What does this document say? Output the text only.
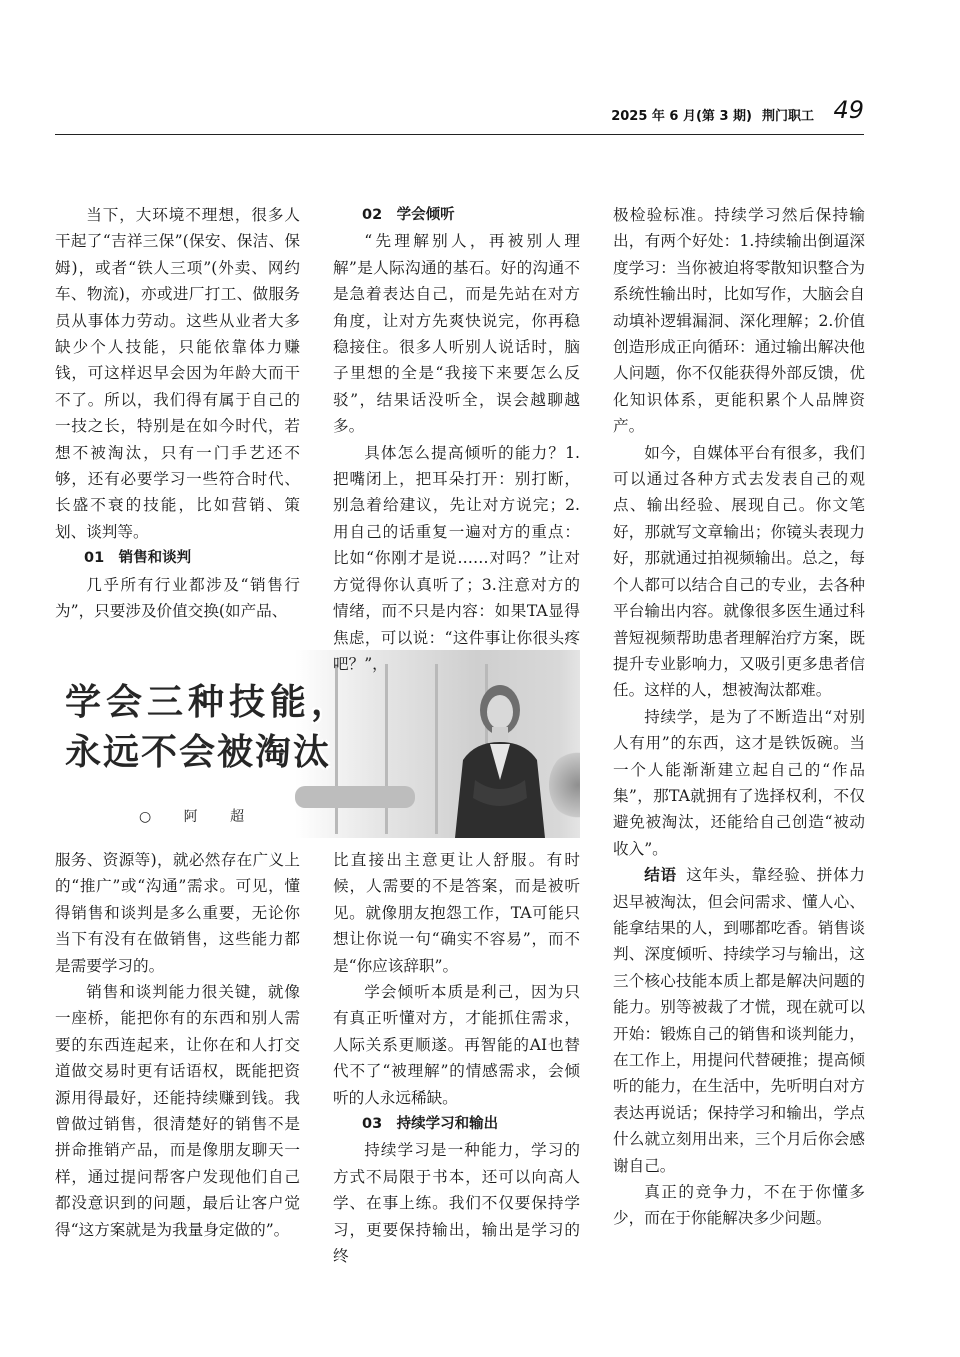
2025 年 6 月(第 3 期) 荆门职工 49

当下，大环境不理想，很多人干起了“吉祥三保”(保安、保洁、保姆)，或者“铁人三项”(外卖、网约车、物流)，亦或进厂打工、做服务员从事体力劳动。这些从业者大多缺少个人技能，只能依靠体力赚钱，可这样迟早会因为年龄大而干不了。所以，我们得有属于自己的一技之长，特别是在如今时代，若想不被淘汰，只有一门手艺还不够，还有必要学习一些符合时代、长盛不衰的技能，比如营销、策划、谈判等。

01　销售和谈判

几乎所有行业都涉及“销售行为”，只要涉及价值交换(如产品、

学会三种技能，
永远不会被淘汰
○ 阿 超

服务、资源等)，就必然存在广义上的“推广”或“沟通”需求。可见，懂得销售和谈判是多么重要，无论你当下有没有在做销售，这些能力都是需要学习的。

销售和谈判能力很关键，就像一座桥，能把你有的东西和别人需要的东西连起来，让你在和人打交道做交易时更有话语权，既能把资源用得最好，还能持续赚到钱。我曾做过销售，很清楚好的销售不是拼命推销产品，而是像朋友聊天一样，通过提问帮客户发现他们自己都没意识到的问题，最后让客户觉得“这方案就是为我量身定做的”。

02　学会倾听

“先理解别人，再被别人理解”是人际沟通的基石。好的沟通不是急着表达自己，而是先站在对方角度，让对方先爽快说完，你再稳稳接住。很多人听别人说话时，脑子里想的全是“我接下来要怎么反驳”，结果话没听全，误会越聊越多。

具体怎么提高倾听的能力？1.把嘴闭上，把耳朵打开：别打断，别急着给建议，先让对方说完；2.用自己的话重复一遍对方的重点：比如“你刚才是说……对吗？”让对方觉得你认真听了；3.注意对方的情绪，而不只是内容：如果TA显得焦虑，可以说：“这件事让你很头疼吧？”，

比直接出主意更让人舒服。有时候，人需要的不是答案，而是被听见。就像朋友抱怨工作，TA可能只想让你说一句“确实不容易”，而不是“你应该辞职”。

学会倾听本质是利己，因为只有真正听懂对方，才能抓住需求，人际关系更顺遂。再智能的AI也替代不了“被理解”的情感需求，会倾听的人永远稀缺。

03　持续学习和输出

持续学习是一种能力，学习的方式不局限于书本，还可以向高人学、在事上练。我们不仅要保持学习，更要保持输出，输出是学习的终

极检验标准。持续学习然后保持输出，有两个好处：1.持续输出倒逼深度学习：当你被迫将零散知识整合为系统性输出时，比如写作，大脑会自动填补逻辑漏洞、深化理解；2.价值创造形成正向循环：通过输出解决他人问题，你不仅能获得外部反馈，优化知识体系，更能积累个人品牌资产。

如今，自媒体平台有很多，我们可以通过各种方式去发表自己的观点、输出经验、展现自己。你文笔好，那就写文章输出；你镜头表现力好，那就通过拍视频输出。总之，每个人都可以结合自己的专业，去各种平台输出内容。就像很多医生通过科普短视频帮助患者理解治疗方案，既提升专业影响力，又吸引更多患者信任。这样的人，想被淘汰都难。

持续学，是为了不断造出“对别人有用”的东西，这才是铁饭碗。当一个人能渐渐建立起自己的“作品集”，那TA就拥有了选择权利，不仅避免被淘汰，还能给自己创造“被动收入”。

结语 这年头，靠经验、拼体力迟早被淘汰，但会问需求、懂人心、能拿结果的人，到哪都吃香。销售谈判、深度倾听、持续学习与输出，这三个核心技能本质上都是解决问题的能力。别等被裁了才慌，现在就可以开始：锻炼自己的销售和谈判能力，在工作上，用提问代替硬推；提高倾听的能力，在生活中，先听明白对方表达再说话；保持学习和输出，学点什么就立刻用出来，三个月后你会感谢自己。

真正的竞争力，不在于你懂多少，而在于你能解决多少问题。
